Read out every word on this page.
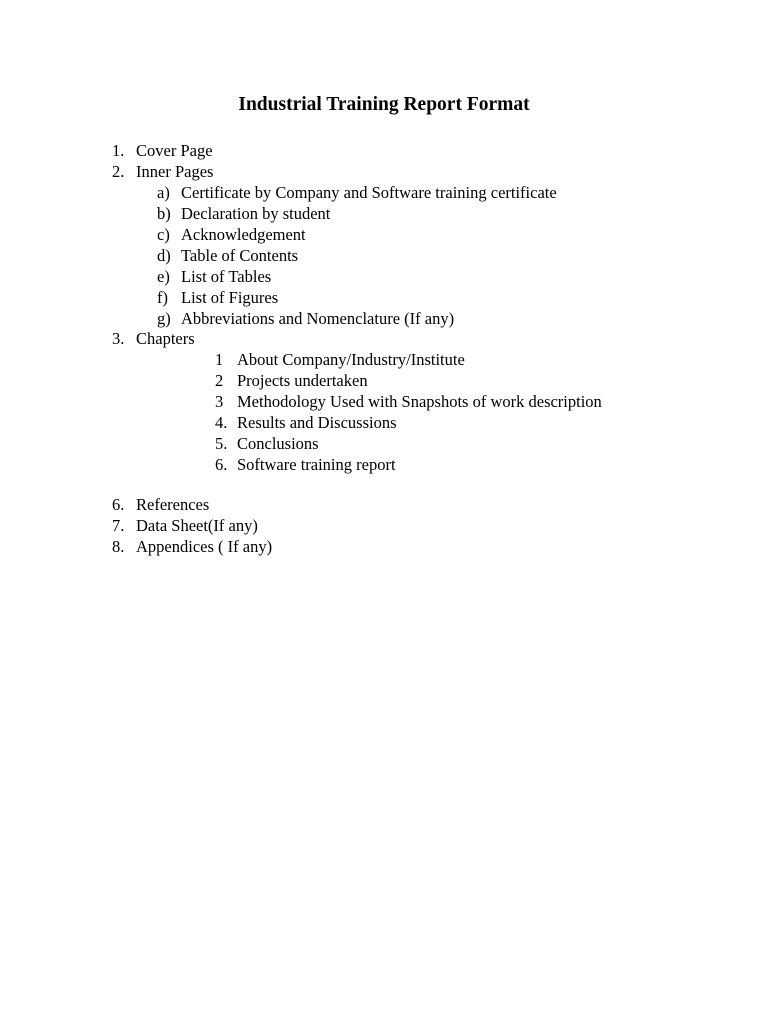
Industrial Training Report Format
1. Cover Page
2. Inner Pages
a) Certificate by Company and Software training certificate
b) Declaration by student
c) Acknowledgement
d) Table of Contents
e) List of Tables
f) List of Figures
g) Abbreviations and Nomenclature (If any)
3. Chapters
1 About Company/Industry/Institute
2 Projects undertaken
3 Methodology Used with Snapshots of work description
4. Results and Discussions
5. Conclusions
6. Software training report
6. References
7. Data Sheet(If any)
8. Appendices ( If any)
